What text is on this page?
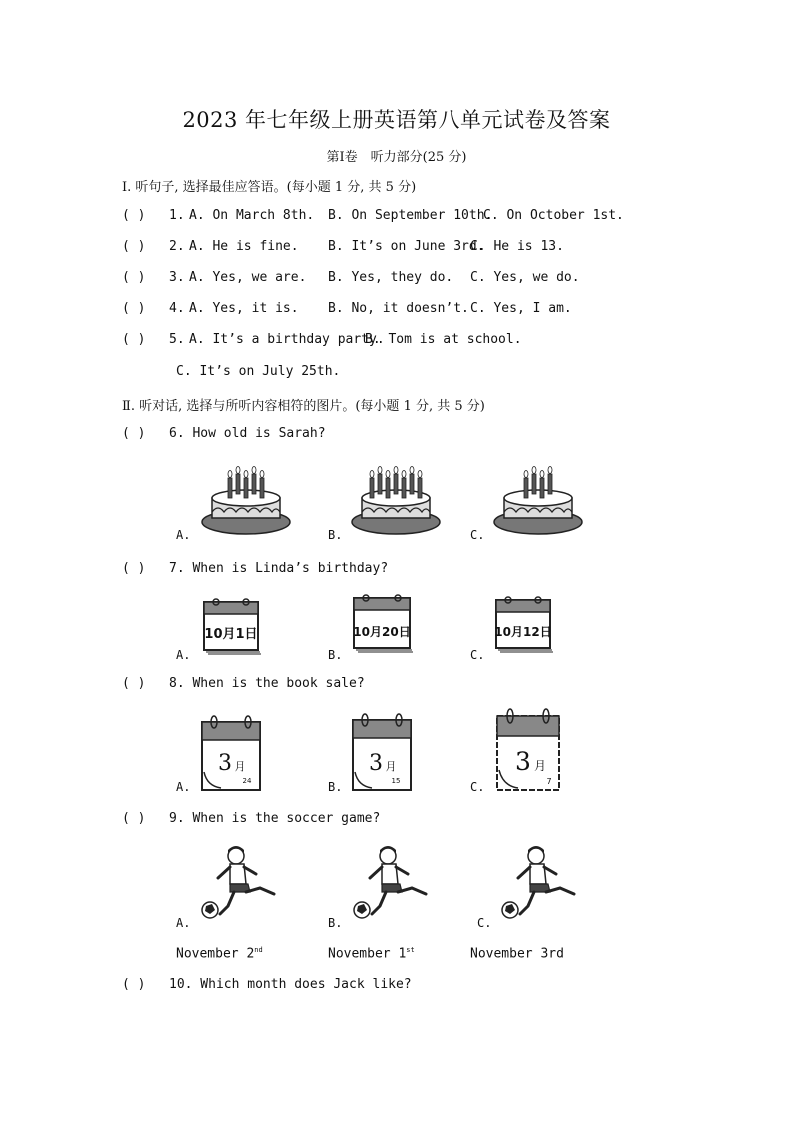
2023 年七年级上册英语第八单元试卷及答案
第Ⅰ卷　听力部分(25 分)
Ⅰ. 听句子, 选择最佳应答语。(每小题 1 分, 共 5 分)
( ) 1. A. On March 8th. B. On September 10th.
C. On October 1st.
( ) 2. A. He is fine. B. It’s on June 3rd.
C. He is 13.
( ) 3. A. Yes, we are. B. Yes, they do. C. Yes, we do.
( ) 4. A. Yes, it is. B. No, it doesn’t. C. Yes, I am.
( ) 5. A. It’s a birthday party.
B. Tom is at school.
C. It’s on July 25th.
Ⅱ. 听对话, 选择与所听内容相符的图片。(每小题 1 分, 共 5 分)
( ) 6. How old is Sarah?
A.	B.	C.
( ) 7. When is Linda’s birthday?
A.	B.	C.
10月1日	10月20日	10月12日
( ) 8. When is the book sale?
A.	B.	C.
3 月
24
3 月
15
3 月
7
( ) 9. When is the soccer game?
A.	B.	C.
November 2nd	November 1st	November 3rd
( ) 10. Which month does Jack like?
